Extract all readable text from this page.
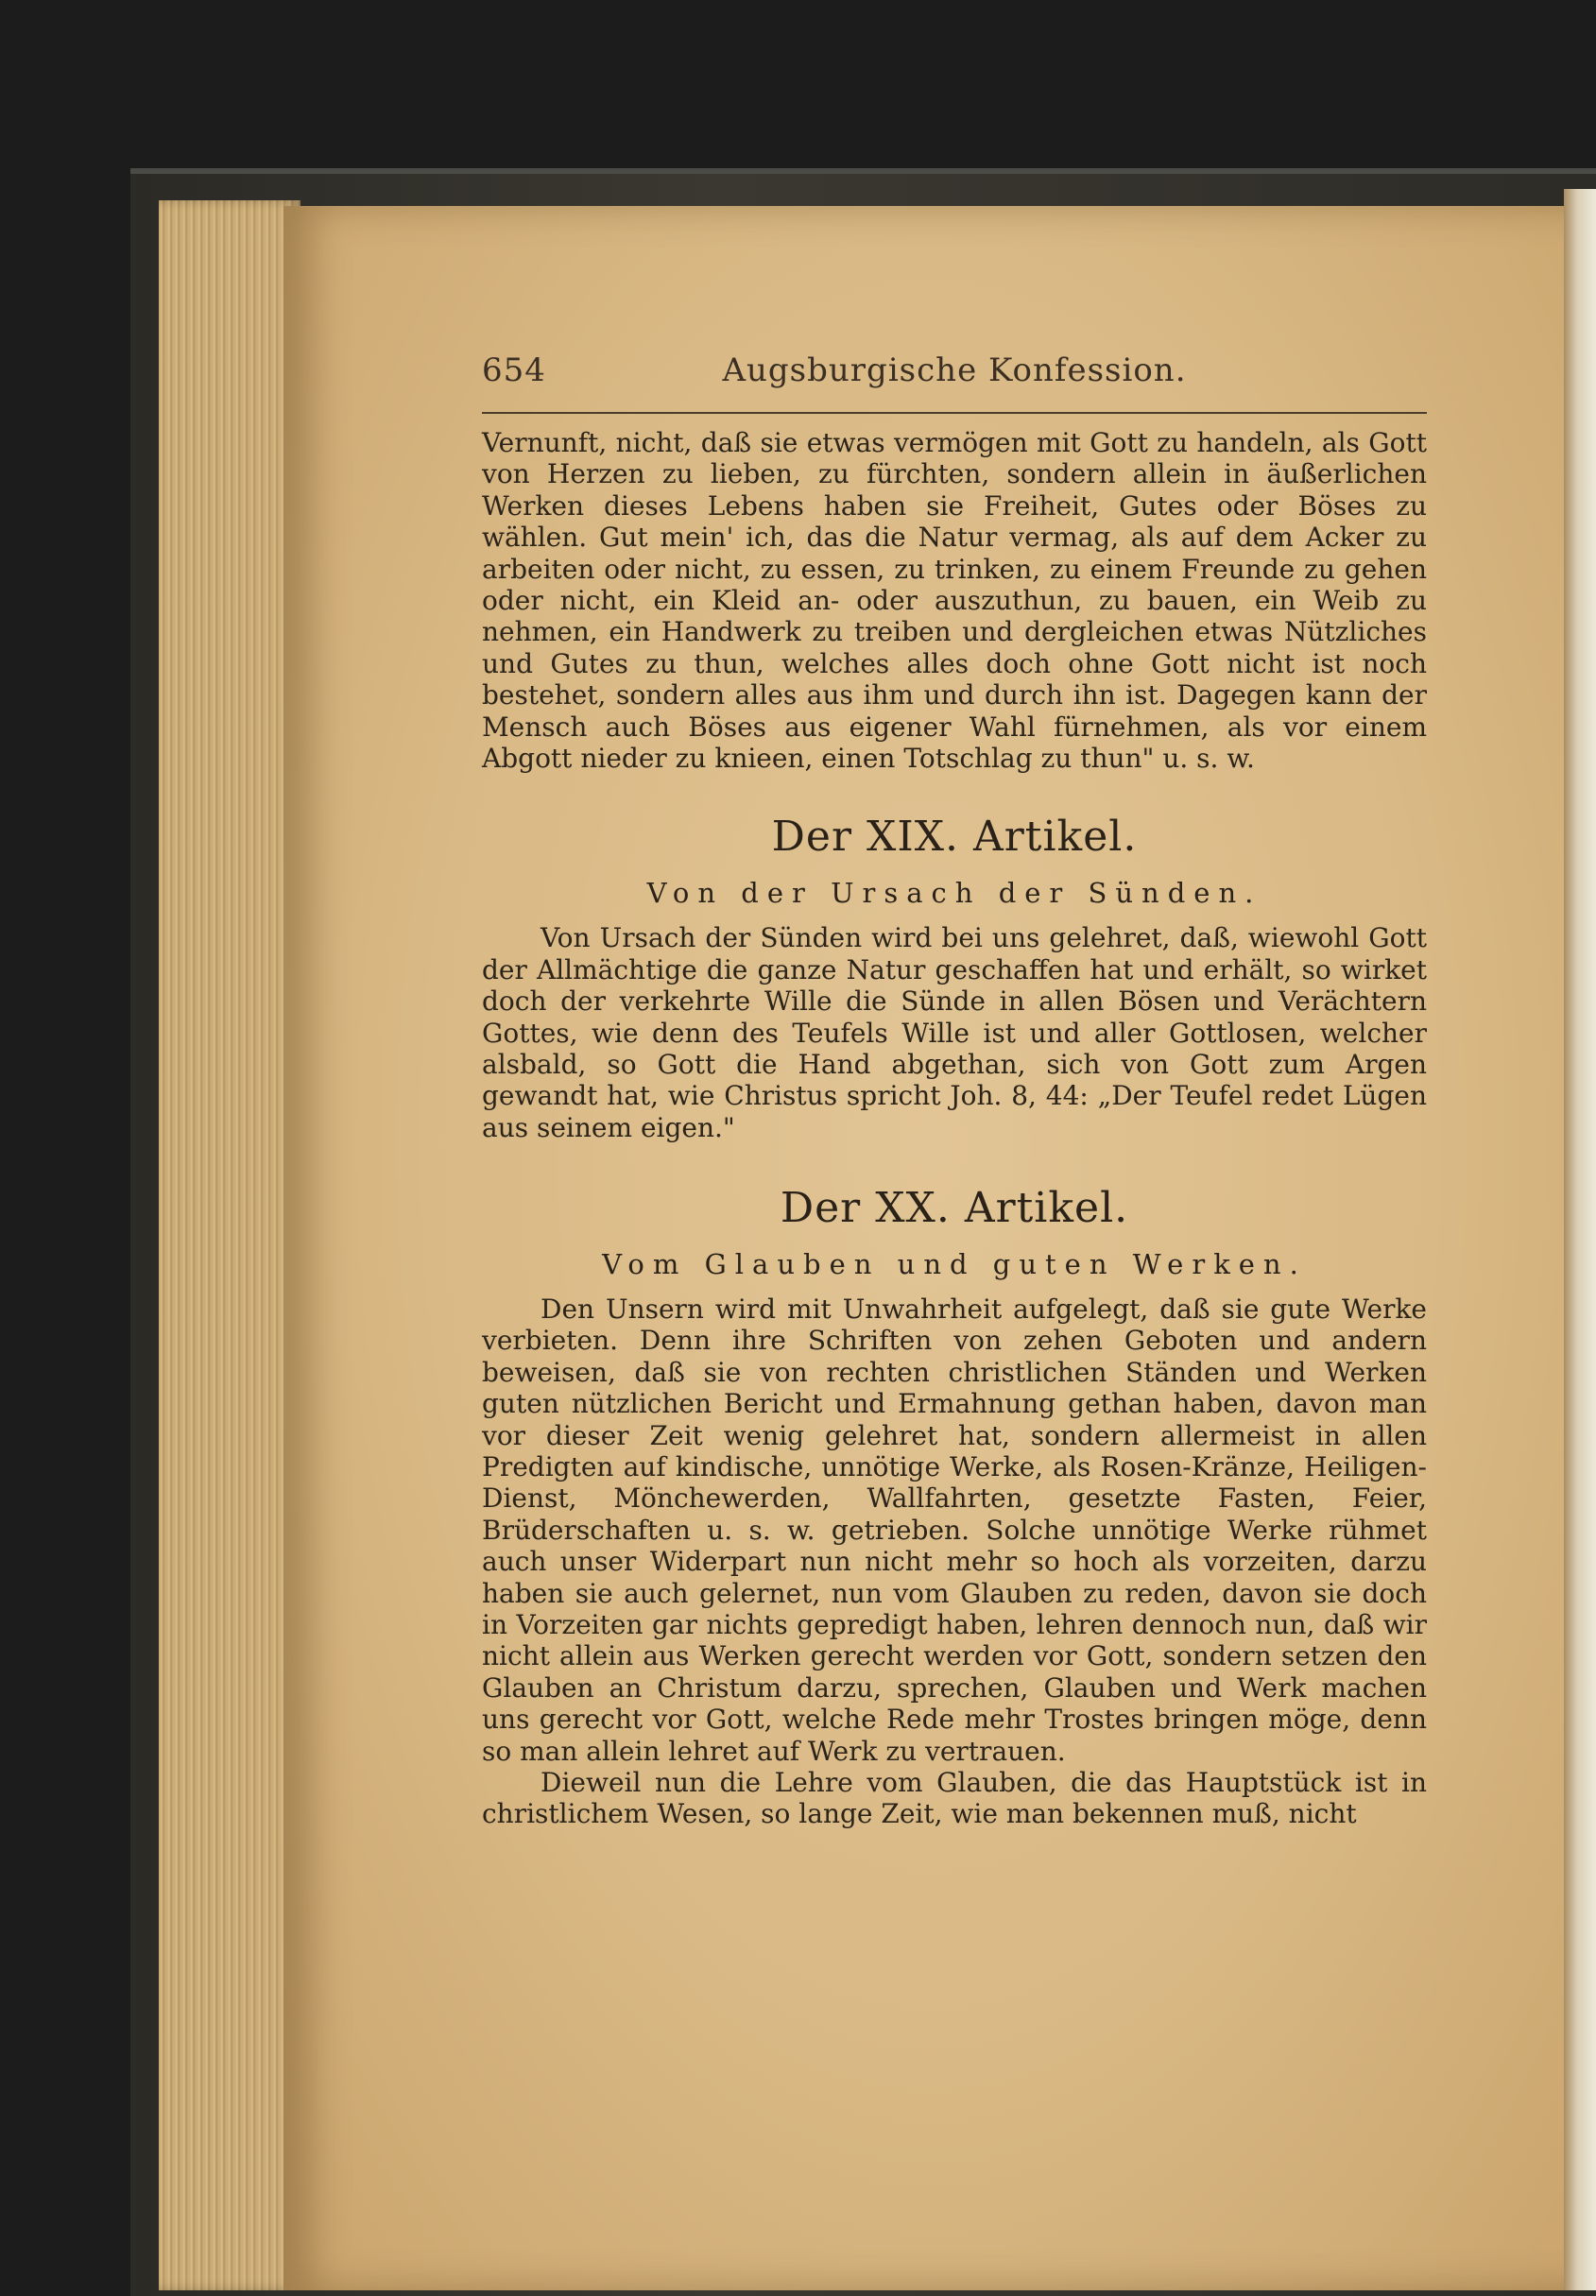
654	Augsburgische Konfession.

Vernunft, nicht, daß sie etwas vermögen mit Gott zu handeln, als Gott von Herzen zu lieben, zu fürchten, sondern allein in äußerlichen Werken dieses Lebens haben sie Freiheit, Gutes oder Böses zu wählen. Gut mein' ich, das die Natur vermag, als auf dem Acker zu arbeiten oder nicht, zu essen, zu trinken, zu einem Freunde zu gehen oder nicht, ein Kleid an- oder auszuthun, zu bauen, ein Weib zu nehmen, ein Handwerk zu treiben und dergleichen etwas Nützliches und Gutes zu thun, welches alles doch ohne Gott nicht ist noch bestehet, sondern alles aus ihm und durch ihn ist. Dagegen kann der Mensch auch Böses aus eigener Wahl fürnehmen, als vor einem Abgott nieder zu knieen, einen Totschlag zu thun" u. s. w.

Der XIX. Artikel.
Von der Ursach der Sünden.

Von Ursach der Sünden wird bei uns gelehret, daß, wiewohl Gott der Allmächtige die ganze Natur geschaffen hat und erhält, so wirket doch der verkehrte Wille die Sünde in allen Bösen und Verächtern Gottes, wie denn des Teufels Wille ist und aller Gottlosen, welcher alsbald, so Gott die Hand abgethan, sich von Gott zum Argen gewandt hat, wie Christus spricht Joh. 8, 44: „Der Teufel redet Lügen aus seinem eigen."

Der XX. Artikel.
Vom Glauben und guten Werken.

Den Unsern wird mit Unwahrheit aufgelegt, daß sie gute Werke verbieten. Denn ihre Schriften von zehen Geboten und andern beweisen, daß sie von rechten christlichen Ständen und Werken guten nützlichen Bericht und Ermahnung gethan haben, davon man vor dieser Zeit wenig gelehret hat, sondern allermeist in allen Predigten auf kindische, unnötige Werke, als Rosen-Kränze, Heiligen-Dienst, Mönchewerden, Wallfahrten, gesetzte Fasten, Feier, Brüderschaften u. s. w. getrieben. Solche unnötige Werke rühmet auch unser Widerpart nun nicht mehr so hoch als vorzeiten, darzu haben sie auch gelernet, nun vom Glauben zu reden, davon sie doch in Vorzeiten gar nichts gepredigt haben, lehren dennoch nun, daß wir nicht allein aus Werken gerecht werden vor Gott, sondern setzen den Glauben an Christum darzu, sprechen, Glauben und Werk machen uns gerecht vor Gott, welche Rede mehr Trostes bringen möge, denn so man allein lehret auf Werk zu vertrauen.

Dieweil nun die Lehre vom Glauben, die das Hauptstück ist in christlichem Wesen, so lange Zeit, wie man bekennen muß, nicht
